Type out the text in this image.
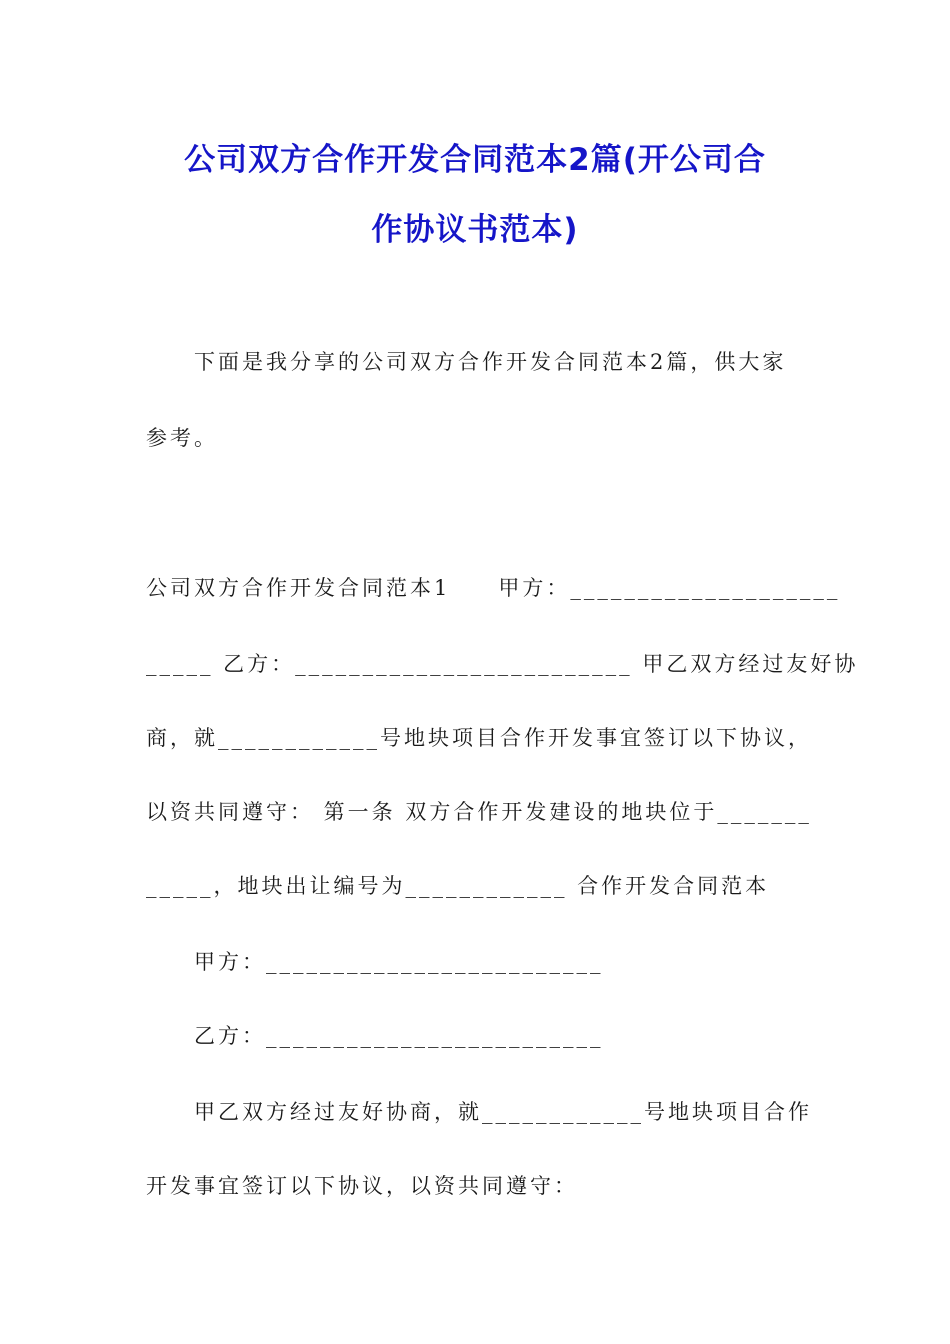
公司双方合作开发合同范本2篇(开公司合
作协议书范本)

下面是我分享的公司双方合作开发合同范本2篇，供大家

参考。

公司双方合作开发合同范本1　　甲方：____________________

_____ 乙方：_________________________ 甲乙双方经过友好协

商，就____________号地块项目合作开发事宜签订以下协议，

以资共同遵守： 第一条 双方合作开发建设的地块位于_______

_____，地块出让编号为____________ 合作开发合同范本

甲方：_________________________

乙方：_________________________

甲乙双方经过友好协商，就____________号地块项目合作

开发事宜签订以下协议，以资共同遵守：
